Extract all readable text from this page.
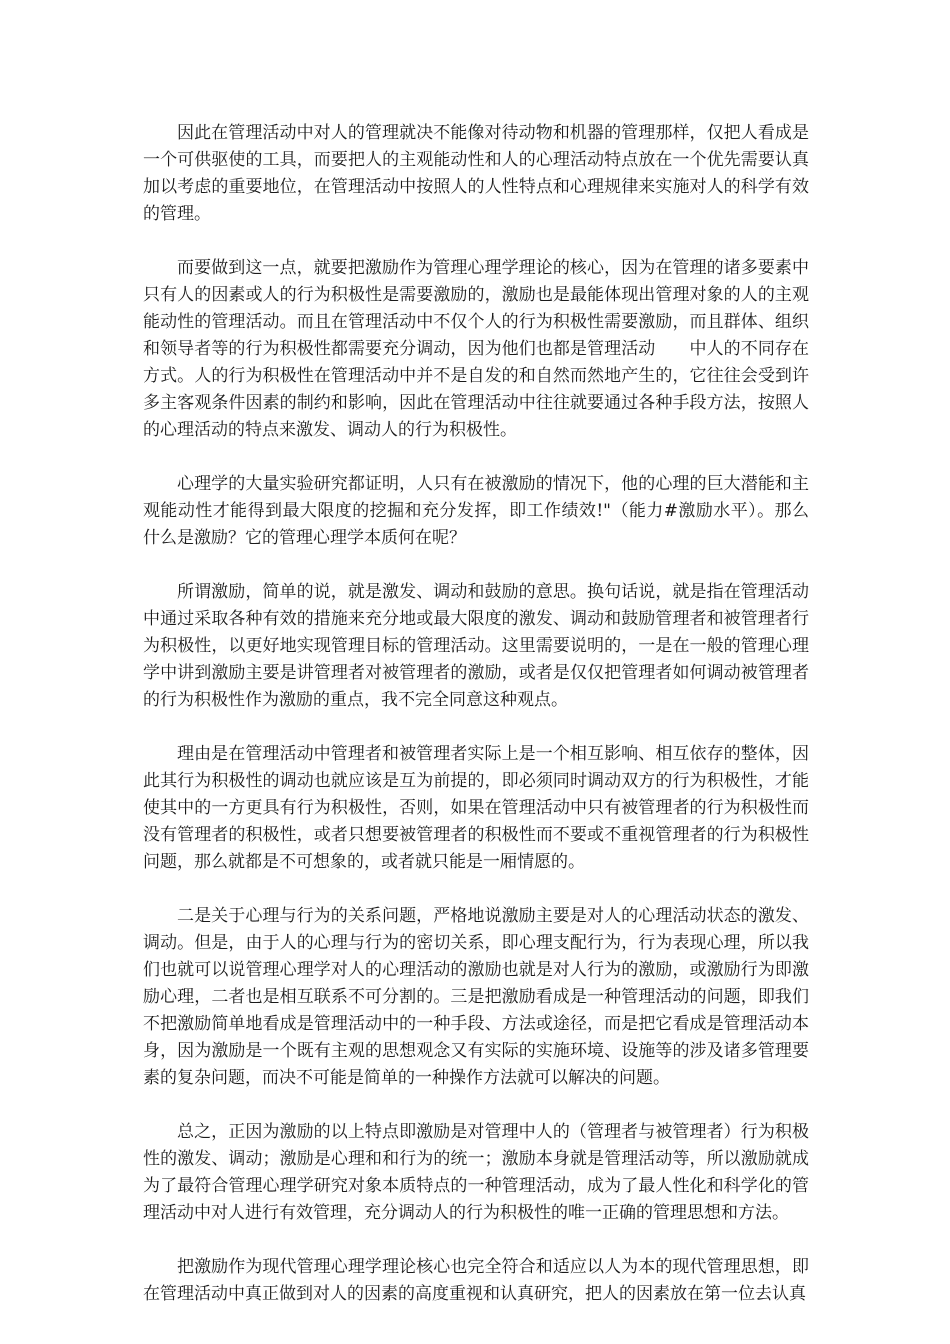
因此在管理活动中对人的管理就决不能像对待动物和机器的管理那样，仅把人看成是一个可供驱使的工具，而要把人的主观能动性和人的心理活动特点放在一个优先需要认真加以考虑的重要地位，在管理活动中按照人的人性特点和心理规律来实施对人的科学有效的管理。

而要做到这一点，就要把激励作为管理心理学理论的核心，因为在管理的诸多要素中只有人的因素或人的行为积极性是需要激励的，激励也是最能体现出管理对象的人的主观能动性的管理活动。而且在管理活动中不仅个人的行为积极性需要激励，而且群体、组织和领导者等的行为积极性都需要充分调动，因为他们也都是管理活动　　中人的不同存在方式。人的行为积极性在管理活动中并不是自发的和自然而然地产生的，它往往会受到许多主客观条件因素的制约和影响，因此在管理活动中往往就要通过各种手段方法，按照人的心理活动的特点来激发、调动人的行为积极性。

心理学的大量实验研究都证明，人只有在被激励的情况下，他的心理的巨大潜能和主观能动性才能得到最大限度的挖掘和充分发挥，即工作绩效!"（能力#激励水平）。那么什么是激励？它的管理心理学本质何在呢？

所谓激励，简单的说，就是激发、调动和鼓励的意思。换句话说，就是指在管理活动中通过采取各种有效的措施来充分地或最大限度的激发、调动和鼓励管理者和被管理者行为积极性，以更好地实现管理目标的管理活动。这里需要说明的，一是在一般的管理心理学中讲到激励主要是讲管理者对被管理者的激励，或者是仅仅把管理者如何调动被管理者的行为积极性作为激励的重点，我不完全同意这种观点。

理由是在管理活动中管理者和被管理者实际上是一个相互影响、相互依存的整体，因此其行为积极性的调动也就应该是互为前提的，即必须同时调动双方的行为积极性，才能使其中的一方更具有行为积极性，否则，如果在管理活动中只有被管理者的行为积极性而没有管理者的积极性，或者只想要被管理者的积极性而不要或不重视管理者的行为积极性问题，那么就都是不可想象的，或者就只能是一厢情愿的。

二是关于心理与行为的关系问题，严格地说激励主要是对人的心理活动状态的激发、调动。但是，由于人的心理与行为的密切关系，即心理支配行为，行为表现心理，所以我们也就可以说管理心理学对人的心理活动的激励也就是对人行为的激励，或激励行为即激励心理，二者也是相互联系不可分割的。三是把激励看成是一种管理活动的问题，即我们不把激励简单地看成是管理活动中的一种手段、方法或途径，而是把它看成是管理活动本身，因为激励是一个既有主观的思想观念又有实际的实施环境、设施等的涉及诸多管理要素的复杂问题，而决不可能是简单的一种操作方法就可以解决的问题。

总之，正因为激励的以上特点即激励是对管理中人的（管理者与被管理者）行为积极性的激发、调动；激励是心理和和行为的统一；激励本身就是管理活动等，所以激励就成为了最符合管理心理学研究对象本质特点的一种管理活动，成为了最人性化和科学化的管理活动中对人进行有效管理，充分调动人的行为积极性的唯一正确的管理思想和方法。

把激励作为现代管理心理学理论核心也完全符合和适应以人为本的现代管理思想，即在管理活动中真正做到对人的因素的高度重视和认真研究，把人的因素放在第一位去认真
